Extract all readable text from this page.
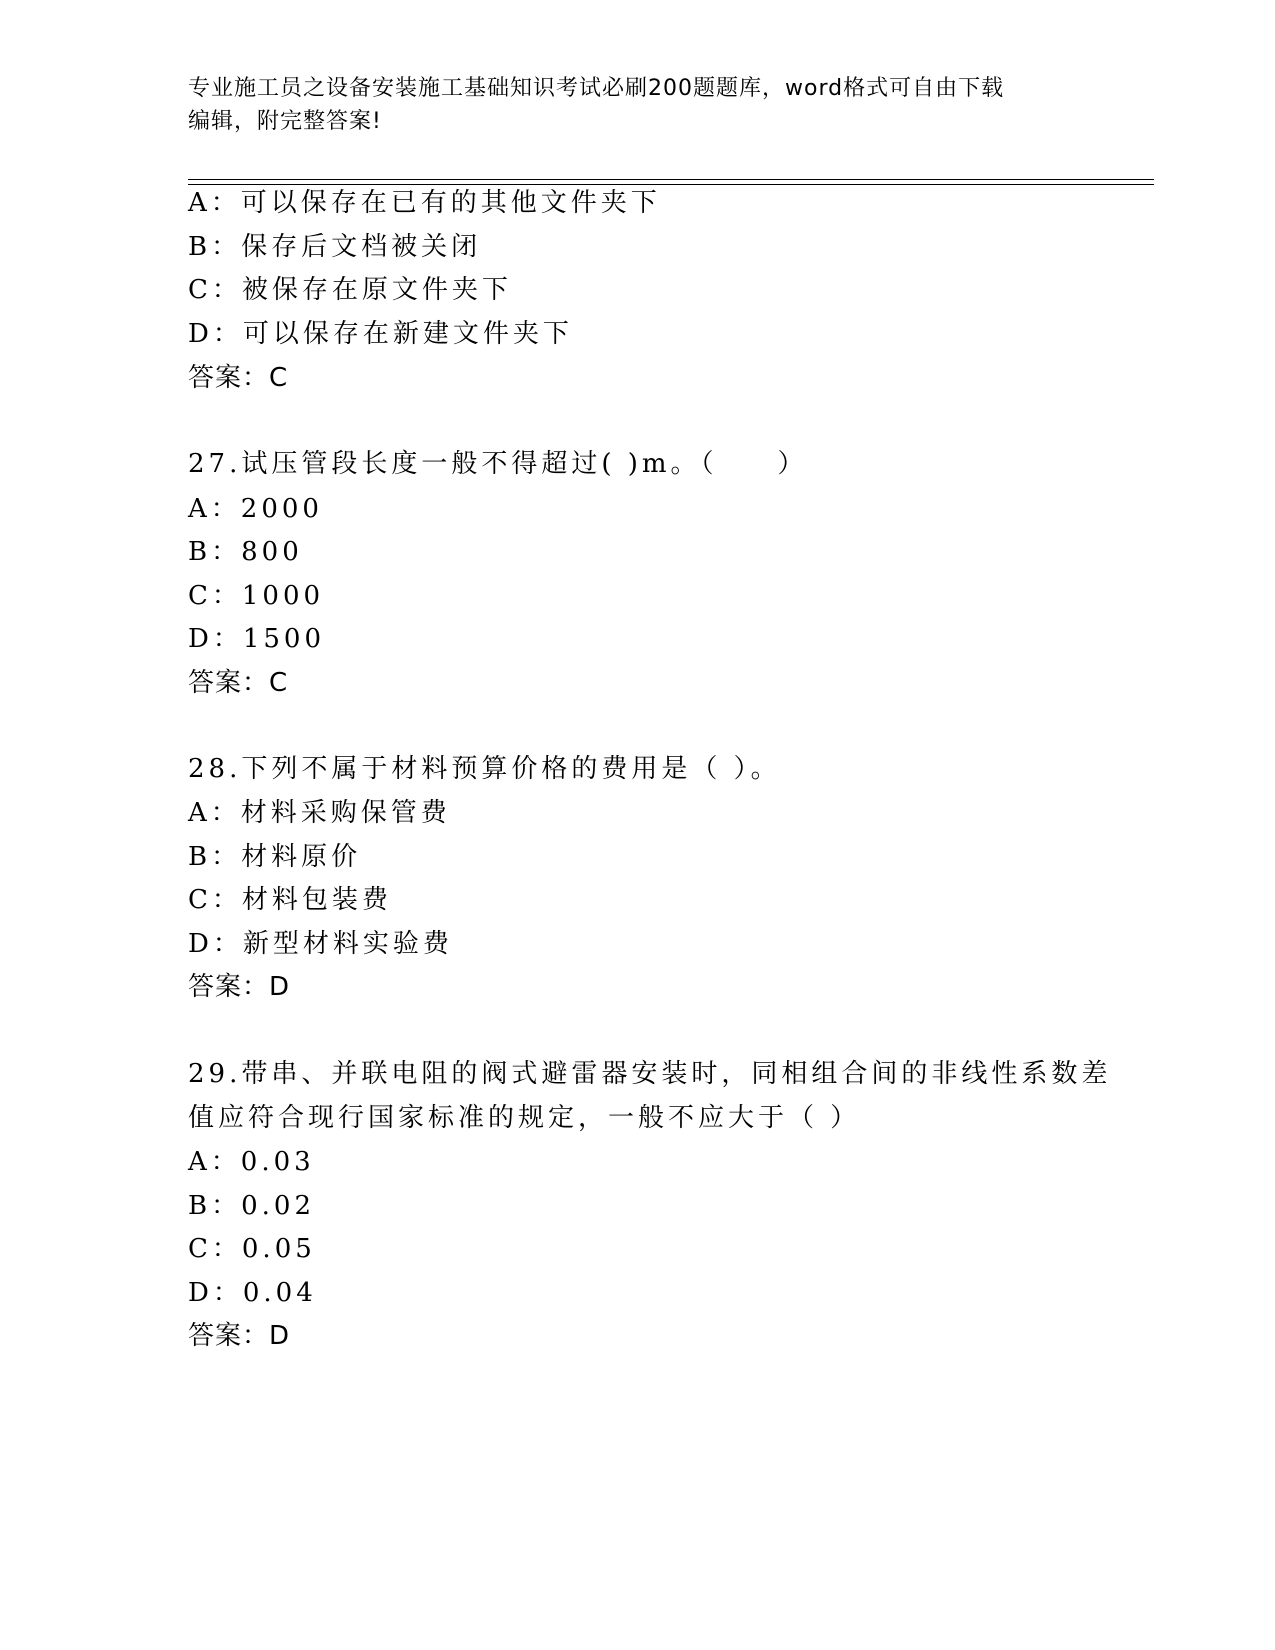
专业施工员之设备安装施工基础知识考试必刷200题题库，word格式可自由下载
编辑，附完整答案!
A：可以保存在已有的其他文件夹下
B：保存后文档被关闭
C：被保存在原文件夹下
D：可以保存在新建文件夹下
答案：C
27.试压管段长度一般不得超过( )m。（　　）
A：2000
B：800
C：1000
D：1500
答案：C
28.下列不属于材料预算价格的费用是（ ）。
A：材料采购保管费
B：材料原价
C：材料包装费
D：新型材料实验费
答案：D
29.带串、并联电阻的阀式避雷器安装时，同相组合间的非线性系数差
值应符合现行国家标准的规定，一般不应大于（ ）
A：0.03
B：0.02
C：0.05
D：0.04
答案：D
